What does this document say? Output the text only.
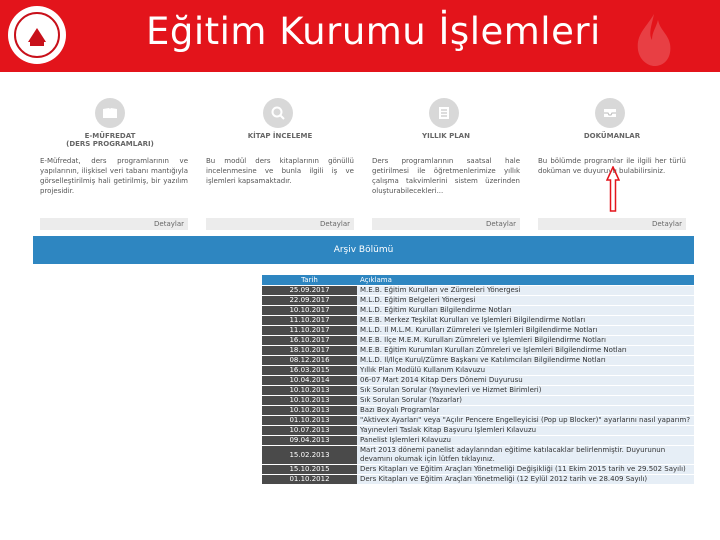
Eğitim Kurumu İşlemleri
E-MÜFREDAT
(DERS PROGRAMLARI)
E-Müfredat, ders programlarının ve yapılarının, ilişkisel veri tabanı mantığıyla görselleştirilmiş hali getirilmiş, bir yazılım projesidir.
Detaylar
KİTAP İNCELEME
Bu modül ders kitaplarının gönüllü incelenmesine ve bunla ilgili iş ve işlemleri kapsamaktadır.
Detaylar
YILLIK PLAN
Ders programlarının saatsal hale getirilmesi ile öğretmenlerimize yıllık çalışma takvimlerini sistem üzerinden oluşturabilecekleri...
Detaylar
DOKÜMANLAR
Bu bölümde programlar ile ilgili her türlü doküman ve duyuruyu bulabilirsiniz.
Detaylar
Arşiv Bölümü
Tarih	Açıklama
25.09.2017	M.E.B. Eğitim Kurulları ve Zümreleri Yönergesi
22.09.2017	M.L.D. Eğitim Belgeleri Yönergesi
10.10.2017	M.L.D. Eğitim Kurulları Bilgilendirme Notları
11.10.2017	M.E.B. Merkez Teşkilat Kurulları ve İşlemleri Bilgilendirme Notları
11.10.2017	M.L.D. İl M.L.M. Kurulları Zümreleri ve İşlemleri Bilgilendirme Notları
16.10.2017	M.E.B. İlçe M.E.M. Kurulları Zümreleri ve İşlemleri Bilgilendirme Notları
18.10.2017	M.E.B. Eğitim Kurumları Kurulları Zümreleri ve İşlemleri Bilgilendirme Notları
08.12.2016	M.L.D. İl/İlçe Kurul/Zümre Başkanı ve Katılımcıları Bilgilendirme Notları
16.03.2015	Yıllık Plan Modülü Kullanım Kılavuzu
10.04.2014	06-07 Mart 2014 Kitap Ders Dönemi Duyurusu
10.10.2013	Sık Sorulan Sorular (Yayınevleri ve Hizmet Birimleri)
10.10.2013	Sık Sorulan Sorular (Yazarlar)
10.10.2013	Bazı Boyalı Programlar
01.10.2013	"Aktivex Ayarları" veya "Açılır Pencere Engelleyicisi (Pop up Blocker)" ayarlarını nasıl yaparım?
10.07.2013	Yayınevleri Taslak Kitap Başvuru İşlemleri Kılavuzu
09.04.2013	Panelist İşlemleri Kılavuzu
15.02.2013	Mart 2013 dönemi panelist adaylarından eğitime katılacaklar belirlenmiştir. Duyurunun devamını okumak için lütfen tıklayınız.
15.10.2015	Ders Kitapları ve Eğitim Araçları Yönetmeliği Değişikliği (11 Ekim 2015 tarih ve 29.502 Sayılı)
01.10.2012	Ders Kitapları ve Eğitim Araçları Yönetmeliği (12 Eylül 2012 tarih ve 28.409 Sayılı)
